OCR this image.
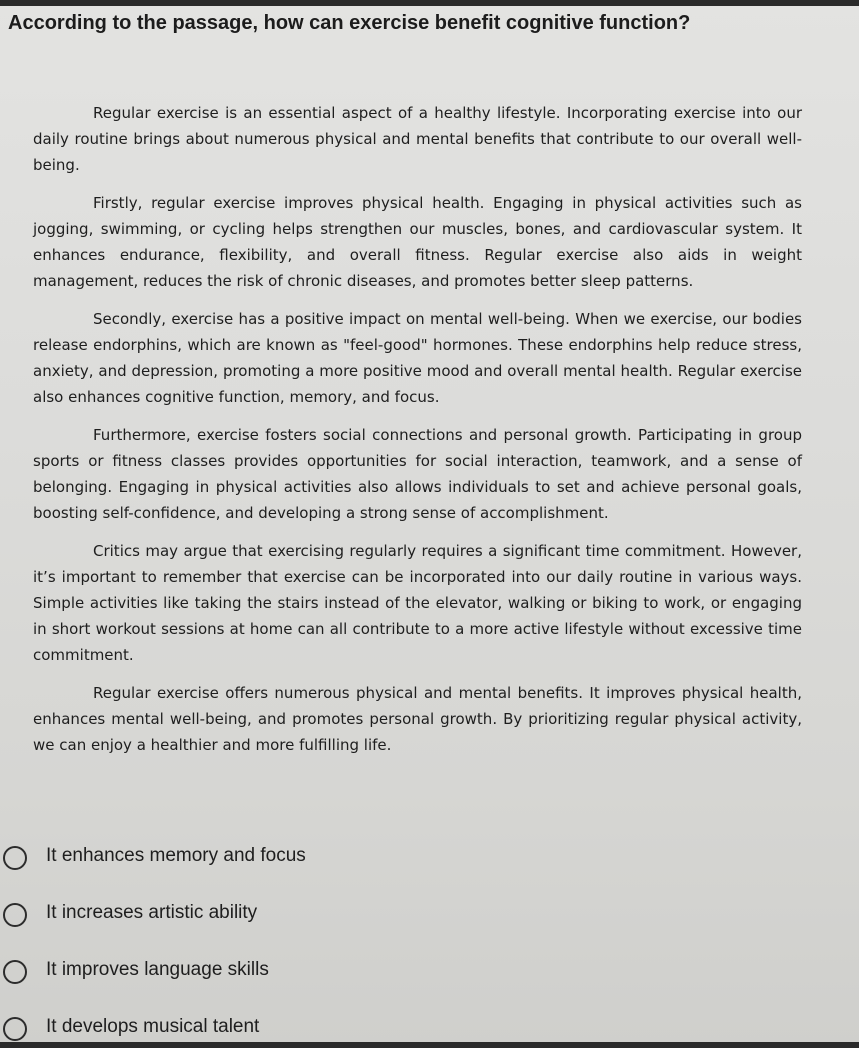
According to the passage, how can exercise benefit cognitive function?

Regular exercise is an essential aspect of a healthy lifestyle. Incorporating exercise into our daily routine brings about numerous physical and mental benefits that contribute to our overall well-being.

Firstly, regular exercise improves physical health. Engaging in physical activities such as jogging, swimming, or cycling helps strengthen our muscles, bones, and cardiovascular system. It enhances endurance, flexibility, and overall fitness. Regular exercise also aids in weight management, reduces the risk of chronic diseases, and promotes better sleep patterns.

Secondly, exercise has a positive impact on mental well-being. When we exercise, our bodies release endorphins, which are known as "feel-good" hormones. These endorphins help reduce stress, anxiety, and depression, promoting a more positive mood and overall mental health. Regular exercise also enhances cognitive function, memory, and focus.

Furthermore, exercise fosters social connections and personal growth. Participating in group sports or fitness classes provides opportunities for social interaction, teamwork, and a sense of belonging. Engaging in physical activities also allows individuals to set and achieve personal goals, boosting self-confidence, and developing a strong sense of accomplishment.

Critics may argue that exercising regularly requires a significant time commitment. However, it’s important to remember that exercise can be incorporated into our daily routine in various ways. Simple activities like taking the stairs instead of the elevator, walking or biking to work, or engaging in short workout sessions at home can all contribute to a more active lifestyle without excessive time commitment.

Regular exercise offers numerous physical and mental benefits. It improves physical health, enhances mental well-being, and promotes personal growth. By prioritizing regular physical activity, we can enjoy a healthier and more fulfilling life.

It enhances memory and focus
It increases artistic ability
It improves language skills
It develops musical talent
